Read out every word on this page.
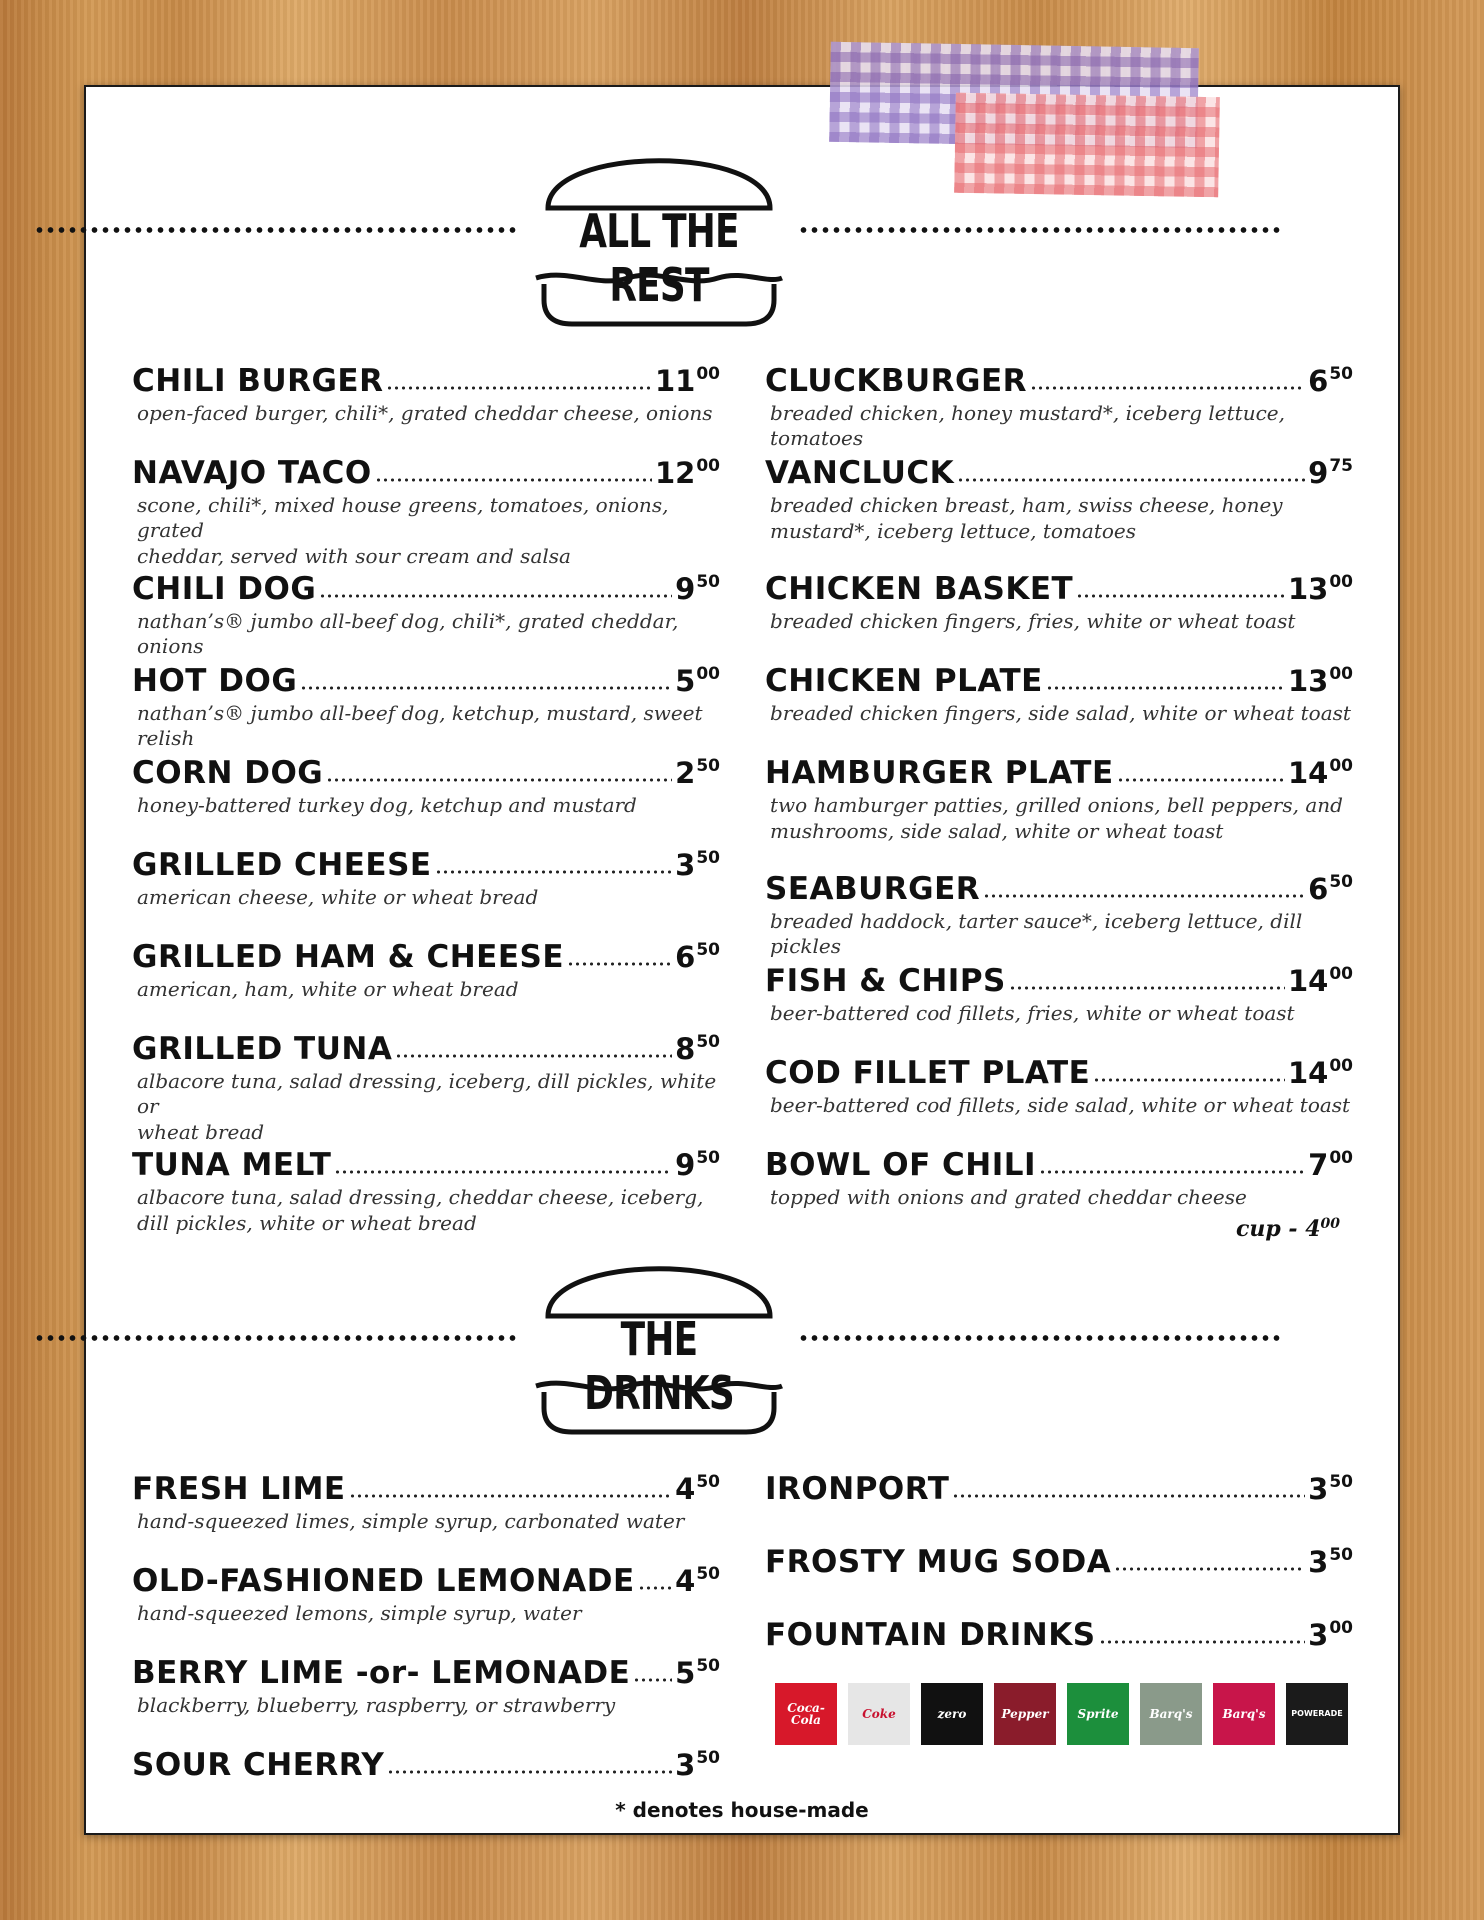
ALL THE REST
THE DRINKS
CHILI BURGER	$11^{00}$
open-faced burger, chili*, grated cheddar cheese, onions
NAVAJO TACO	$12^{00}$
scone, chili*, mixed house greens, tomatoes, onions, grated
cheddar, served with sour cream and salsa
CHILI DOG	$9^{50}$
nathan’s® jumbo all-beef dog, chili*, grated cheddar, onions
HOT DOG	$5^{00}$
nathan’s® jumbo all-beef dog, ketchup, mustard, sweet relish
CORN DOG	$2^{50}$
honey-battered turkey dog, ketchup and mustard
GRILLED CHEESE	$3^{50}$
american cheese, white or wheat bread
GRILLED HAM & CHEESE	$6^{50}$
american, ham, white or wheat bread
GRILLED TUNA	$8^{50}$
albacore tuna, salad dressing, iceberg, dill pickles, white or
wheat bread
TUNA MELT	$9^{50}$
albacore tuna, salad dressing, cheddar cheese, iceberg,
dill pickles, white or wheat bread
CLUCKBURGER	$6^{50}$
breaded chicken, honey mustard*, iceberg lettuce, tomatoes
VANCLUCK	$9^{75}$
breaded chicken breast, ham, swiss cheese, honey
mustard*, iceberg lettuce, tomatoes
CHICKEN BASKET	$13^{00}$
breaded chicken fingers, fries, white or wheat toast
CHICKEN PLATE	$13^{00}$
breaded chicken fingers, side salad, white or wheat toast
HAMBURGER PLATE	$14^{00}$
two hamburger patties, grilled onions, bell peppers, and
mushrooms, side salad, white or wheat toast
SEABURGER	$6^{50}$
breaded haddock, tarter sauce*, iceberg lettuce, dill pickles
FISH & CHIPS	$14^{00}$
beer-battered cod fillets, fries, white or wheat toast
COD FILLET PLATE	$14^{00}$
beer-battered cod fillets, side salad, white or wheat toast
BOWL OF CHILI	$7^{00}$
topped with onions and grated cheddar cheese
FRESH LIME	$4^{50}$
hand-squeezed limes, simple syrup, carbonated water
OLD-FASHIONED LEMONADE $4^{50}$
hand-squeezed lemons, simple syrup, water
BERRY LIME -or- LEMONADE $5^{50}$
blackberry, blueberry, raspberry, or strawberry
SOUR CHERRY	$3^{50}$
IRONPORT	$3^{50}$
FROSTY MUG SODA	$3^{50}$
FOUNTAIN DRINKS	$3^{00}$
cup - $4^{00}$
Coca-Cola	Coke	zero	Pepper	Sprite	Barq's	Barq's	POWERADE
* denotes house-made
